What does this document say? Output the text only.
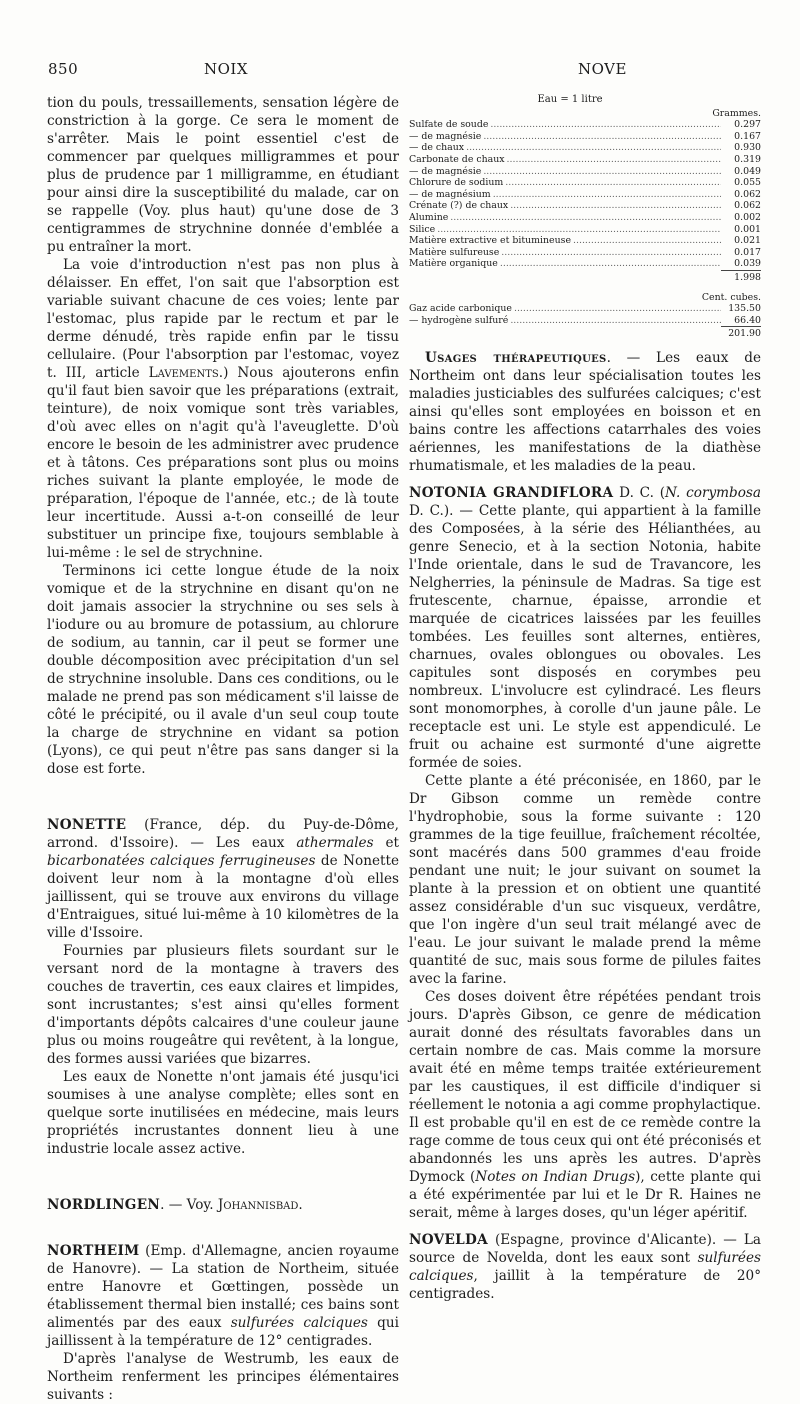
850	NOIX	NOVE

tion du pouls, tressaillements, sensation légère de constriction à la gorge. Ce sera le moment de s'arrêter. Mais le point essentiel c'est de commencer par quelques milligrammes et pour plus de prudence par 1 milligramme, en étudiant pour ainsi dire la susceptibilité du malade, car on se rappelle (Voy. plus haut) qu'une dose de 3 centigrammes de strychnine donnée d'emblée a pu entraîner la mort.

La voie d'introduction n'est pas non plus à délaisser. En effet, l'on sait que l'absorption est variable suivant chacune de ces voies; lente par l'estomac, plus rapide par le rectum et par le derme dénudé, très rapide enfin par le tissu cellulaire. (Pour l'absorption par l'estomac, voyez t. III, article Lavements.) Nous ajouterons enfin qu'il faut bien savoir que les préparations (extrait, teinture), de noix vomique sont très variables, d'où avec elles on n'agit qu'à l'aveuglette. D'où encore le besoin de les administrer avec prudence et à tâtons. Ces préparations sont plus ou moins riches suivant la plante employée, le mode de préparation, l'époque de l'année, etc.; de là toute leur incertitude. Aussi a-t-on conseillé de leur substituer un principe fixe, toujours semblable à lui-même : le sel de strychnine.

Terminons ici cette longue étude de la noix vomique et de la strychnine en disant qu'on ne doit jamais associer la strychnine ou ses sels à l'iodure ou au bromure de potassium, au chlorure de sodium, au tannin, car il peut se former une double décomposition avec précipitation d'un sel de strychnine insoluble. Dans ces conditions, ou le malade ne prend pas son médicament s'il laisse de côté le précipité, ou il avale d'un seul coup toute la charge de strychnine en vidant sa potion (Lyons), ce qui peut n'être pas sans danger si la dose est forte.

NONETTE (France, dép. du Puy-de-Dôme, arrond. d'Issoire). — Les eaux athermales et bicarbonatées calciques ferrugineuses de Nonette doivent leur nom à la montagne d'où elles jaillissent, qui se trouve aux environs du village d'Entraigues, situé lui-même à 10 kilomètres de la ville d'Issoire.

Fournies par plusieurs filets sourdant sur le versant nord de la montagne à travers des couches de travertin, ces eaux claires et limpides, sont incrustantes; s'est ainsi qu'elles forment d'importants dépôts calcaires d'une couleur jaune plus ou moins rougeâtre qui revêtent, à la longue, des formes aussi variées que bizarres.

Les eaux de Nonette n'ont jamais été jusqu'ici soumises à une analyse complète; elles sont en quelque sorte inutilisées en médecine, mais leurs propriétés incrustantes donnent lieu à une industrie locale assez active.

NORDLINGEN. — Voy. Johannisbad.

NORTHEIM (Emp. d'Allemagne, ancien royaume de Hanovre). — La station de Northeim, située entre Hanovre et Gœttingen, possède un établissement thermal bien installé; ces bains sont alimentés par des eaux sulfurées calciques qui jaillissent à la température de 12° centigrades.

D'après l'analyse de Westrumb, les eaux de Northeim renferment les principes élémentaires suivants :

Eau = 1 litre
Grammes.
Sulfate de soude .....	0.297
— de magnésie .....	0.167
— de chaux .....	0.930
Carbonate de chaux .....	0.319
— de magnésie .....	0.049
Chlorure de sodium .....	0.055
— de magnésium .....	0.062
Crénate (?) de chaux .....	0.062
Alumine .....	0.002
Silice .....	0.001
Matière extractive et bitumineuse .....	0.021
Matière sulfureuse .....	0.017
Matière organique .....	0.039
1.998
Cent. cubes.
Gaz acide carbonique .....	135.50
— hydrogène sulfuré .....	66.40
201.90

Usages thérapeutiques. — Les eaux de Northeim ont dans leur spécialisation toutes les maladies justiciables des sulfurées calciques; c'est ainsi qu'elles sont employées en boisson et en bains contre les affections catarrhales des voies aériennes, les manifestations de la diathèse rhumatismale, et les maladies de la peau.

NOTONIA GRANDIFLORA D. C. (N. corymbosa D. C.). — Cette plante, qui appartient à la famille des Composées, à la série des Hélianthées, au genre Senecio, et à la section Notonia, habite l'Inde orientale, dans le sud de Travancore, les Nelgherries, la péninsule de Madras. Sa tige est frutescente, charnue, épaisse, arrondie et marquée de cicatrices laissées par les feuilles tombées. Les feuilles sont alternes, entières, charnues, ovales oblongues ou obovales. Les capitules sont disposés en corymbes peu nombreux. L'involucre est cylindracé. Les fleurs sont monomorphes, à corolle d'un jaune pâle. Le receptacle est uni. Le style est appendiculé. Le fruit ou achaine est surmonté d'une aigrette formée de soies.

Cette plante a été préconisée, en 1860, par le Dr Gibson comme un remède contre l'hydrophobie, sous la forme suivante : 120 grammes de la tige feuillue, fraîchement récoltée, sont macérés dans 500 grammes d'eau froide pendant une nuit; le jour suivant on soumet la plante à la pression et on obtient une quantité assez considérable d'un suc visqueux, verdâtre, que l'on ingère d'un seul trait mélangé avec de l'eau. Le jour suivant le malade prend la même quantité de suc, mais sous forme de pilules faites avec la farine.

Ces doses doivent être répétées pendant trois jours. D'après Gibson, ce genre de médication aurait donné des résultats favorables dans un certain nombre de cas. Mais comme la morsure avait été en même temps traitée extérieurement par les caustiques, il est difficile d'indiquer si réellement le notonia a agi comme prophylactique. Il est probable qu'il en est de ce remède contre la rage comme de tous ceux qui ont été préconisés et abandonnés les uns après les autres. D'après Dymock (Notes on Indian Drugs), cette plante qui a été expérimentée par lui et le Dr R. Haines ne serait, même à larges doses, qu'un léger apéritif.

NOVELDA (Espagne, province d'Alicante). — La source de Novelda, dont les eaux sont sulfurées calciques, jaillit à la température de 20° centigrades.
